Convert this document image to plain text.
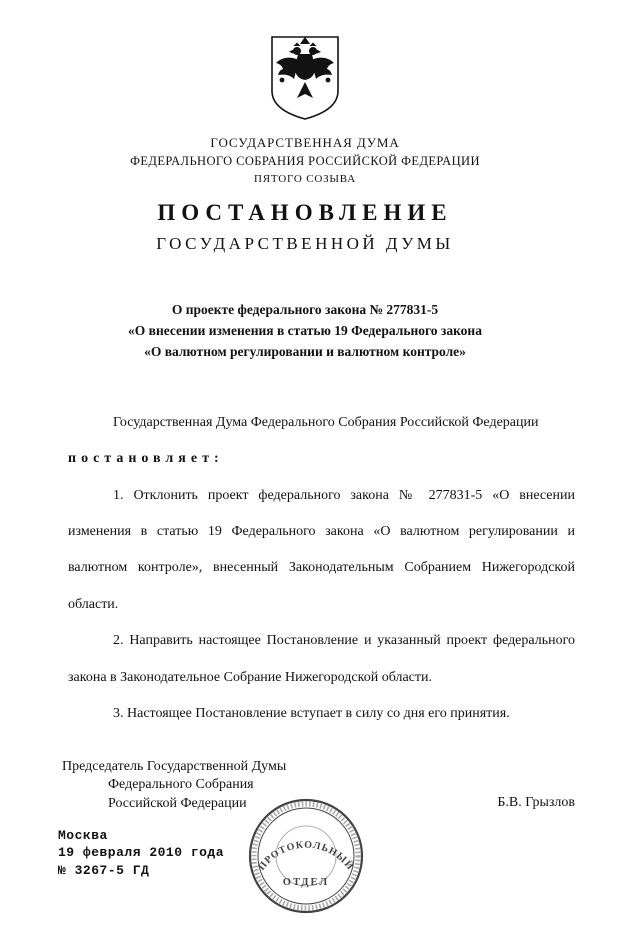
ГОСУДАРСТВЕННАЯ ДУМА
ФЕДЕРАЛЬНОГО СОБРАНИЯ РОССИЙСКОЙ ФЕДЕРАЦИИ
ПЯТОГО СОЗЫВА
ПОСТАНОВЛЕНИЕ
ГОСУДАРСТВЕННОЙ ДУМЫ
О проекте федерального закона № 277831-5
«О внесении изменения в статью 19 Федерального закона
«О валютном регулировании и валютном контроле»

Государственная Дума Федерального Собрания Российской Федерации

постановляет:

1. Отклонить проект федерального закона № 277831-5 «О внесении изменения в статью 19 Федерального закона «О валютном регулировании и валютном контроле», внесенный Законодательным Собранием Нижегородской области.

2. Направить настоящее Постановление и указанный проект федерального закона в Законодательное Собрание Нижегородской области.

3. Настоящее Постановление вступает в силу со дня его принятия.

Председатель Государственной Думы
Федерального Собрания
Российской Федерации	Б.В. Грызлов
Москва
19 февраля 2010 года
№ 3267-5 ГД	ПРОТОКОЛЬНЫЙ
ОТДЕЛ
